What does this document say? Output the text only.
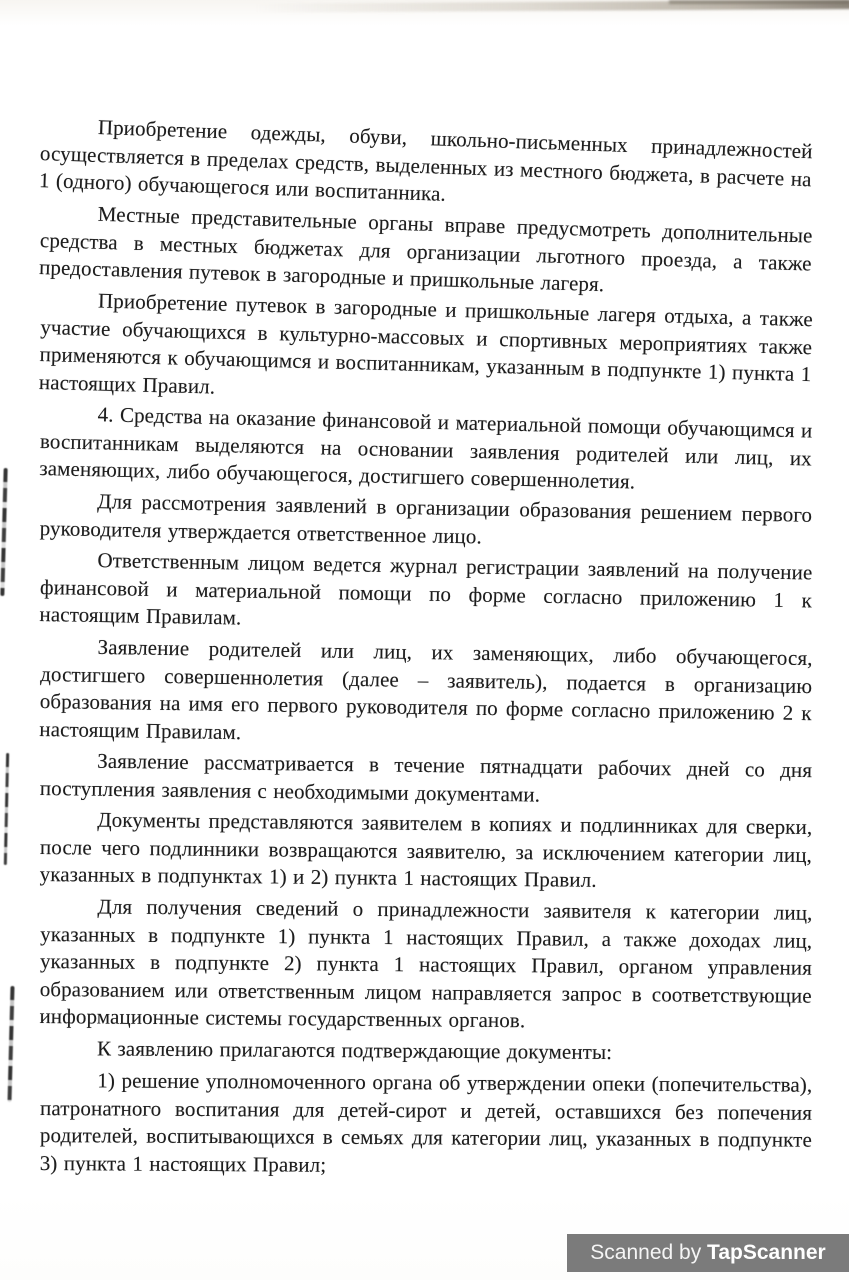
Приобретение одежды, обуви, школьно-письменных принадлежностей осуществляется в пределах средств, выделенных из местного бюджета, в расчете на 1 (одного) обучающегося или воспитанника.

Местные представительные органы вправе предусмотреть дополнительные средства в местных бюджетах для организации льготного проезда, а также предоставления путевок в загородные и пришкольные лагеря.

Приобретение путевок в загородные и пришкольные лагеря отдыха, а также участие обучающихся в культурно-массовых и спортивных мероприятиях также применяются к обучающимся и воспитанникам, указанным в подпункте 1) пункта 1 настоящих Правил.

4. Средства на оказание финансовой и материальной помощи обучающимся и воспитанникам выделяются на основании заявления родителей или лиц, их заменяющих, либо обучающегося, достигшего совершеннолетия.

Для рассмотрения заявлений в организации образования решением первого руководителя утверждается ответственное лицо.

Ответственным лицом ведется журнал регистрации заявлений на получение финансовой и материальной помощи по форме согласно приложению 1 к настоящим Правилам.

Заявление родителей или лиц, их заменяющих, либо обучающегося, достигшего совершеннолетия (далее – заявитель), подается в организацию образования на имя его первого руководителя по форме согласно приложению 2 к настоящим Правилам.

Заявление рассматривается в течение пятнадцати рабочих дней со дня поступления заявления с необходимыми документами.

Документы представляются заявителем в копиях и подлинниках для сверки, после чего подлинники возвращаются заявителю, за исключением категории лиц, указанных в подпунктах 1) и 2) пункта 1 настоящих Правил.

Для получения сведений о принадлежности заявителя к категории лиц, указанных в подпункте 1) пункта 1 настоящих Правил, а также доходах лиц, указанных в подпункте 2) пункта 1 настоящих Правил, органом управления образованием или ответственным лицом направляется запрос в соответствующие информационные системы государственных органов.

К заявлению прилагаются подтверждающие документы:

1) решение уполномоченного органа об утверждении опеки (попечительства), патронатного воспитания для детей-сирот и детей, оставшихся без попечения родителей, воспитывающихся в семьях для категории лиц, указанных в подпункте 3) пункта 1 настоящих Правил;

Scanned by TapScanner
